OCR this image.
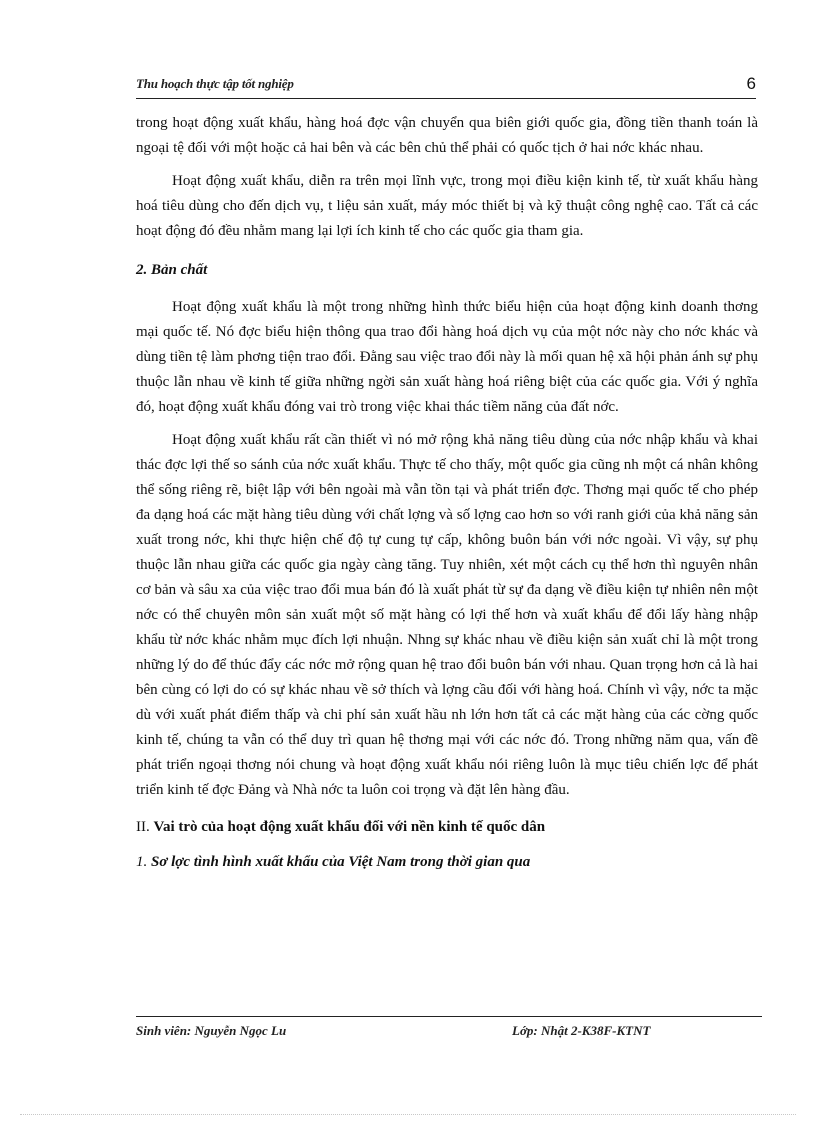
Thu hoạch thực tập tốt nghiệp	6

trong hoạt động xuất khẩu, hàng hoá đợc vận chuyển qua biên giới quốc gia, đồng tiền thanh toán là ngoại tệ đối với một hoặc cả hai bên và các bên chủ thể phải có quốc tịch ở hai nớc khác nhau.

Hoạt động xuất khẩu, diễn ra trên mọi lĩnh vực, trong mọi điều kiện kinh tế, từ xuất khẩu hàng hoá tiêu dùng cho đến dịch vụ, t liệu sản xuất, máy móc thiết bị và kỹ thuật công nghệ cao. Tất cả các hoạt động đó đều nhằm mang lại lợi ích kinh tế cho các quốc gia tham gia.

2. Bản chất

Hoạt động xuất khẩu là một trong những hình thức biểu hiện của hoạt động kinh doanh thơng mại quốc tế. Nó đợc biểu hiện thông qua trao đổi hàng hoá dịch vụ của một nớc này cho nớc khác và dùng tiền tệ làm phơng tiện trao đổi. Đằng sau việc trao đổi này là mối quan hệ xã hội phản ánh sự phụ thuộc lẫn nhau về kinh tế giữa những ngời sản xuất hàng hoá riêng biệt của các quốc gia. Với ý nghĩa đó, hoạt động xuất khẩu đóng vai trò trong việc khai thác tiềm năng của đất nớc.

Hoạt động xuất khẩu rất cần thiết vì nó mở rộng khả năng tiêu dùng của nớc nhập khẩu và khai thác đợc lợi thế so sánh của nớc xuất khẩu. Thực tế cho thấy, một quốc gia cũng nh một cá nhân không thể sống riêng rẽ, biệt lập với bên ngoài mà vẫn tồn tại và phát triển đợc. Thơng mại quốc tế cho phép đa dạng hoá các mặt hàng tiêu dùng với chất lợng và số lợng cao hơn so với ranh giới của khả năng sản xuất trong nớc, khi thực hiện chế độ tự cung tự cấp, không buôn bán với nớc ngoài. Vì vậy, sự phụ thuộc lẫn nhau giữa các quốc gia ngày càng tăng. Tuy nhiên, xét một cách cụ thể hơn thì nguyên nhân cơ bản và sâu xa của việc trao đổi mua bán đó là xuất phát từ sự đa dạng về điều kiện tự nhiên nên một nớc có thể chuyên môn sản xuất một số mặt hàng có lợi thế hơn và xuất khẩu để đổi lấy hàng nhập khẩu từ nớc khác nhằm mục đích lợi nhuận. Nhng sự khác nhau về điều kiện sản xuất chỉ là một trong những lý do để thúc đẩy các nớc mở rộng quan hệ trao đổi buôn bán với nhau. Quan trọng hơn cả là hai bên cùng có lợi do có sự khác nhau về sở thích và lợng cầu đối với hàng hoá. Chính vì vậy, nớc ta mặc dù với xuất phát điểm thấp và chi phí sản xuất hầu nh lớn hơn tất cả các mặt hàng của các cờng quốc kinh tế, chúng ta vẫn có thể duy trì quan hệ thơng mại với các nớc đó. Trong những năm qua, vấn đề phát triển ngoại thơng nói chung và hoạt động xuất khẩu nói riêng luôn là mục tiêu chiến lợc để phát triển kinh tế đợc Đảng và Nhà nớc ta luôn coi trọng và đặt lên hàng đầu.

II. Vai trò của hoạt động xuất khẩu đối với nền kinh tế quốc dân

1. Sơ lợc tình hình xuất khẩu của Việt Nam trong thời gian qua

Sinh viên: Nguyễn Ngọc Lu	Lớp: Nhật 2-K38F-KTNT
